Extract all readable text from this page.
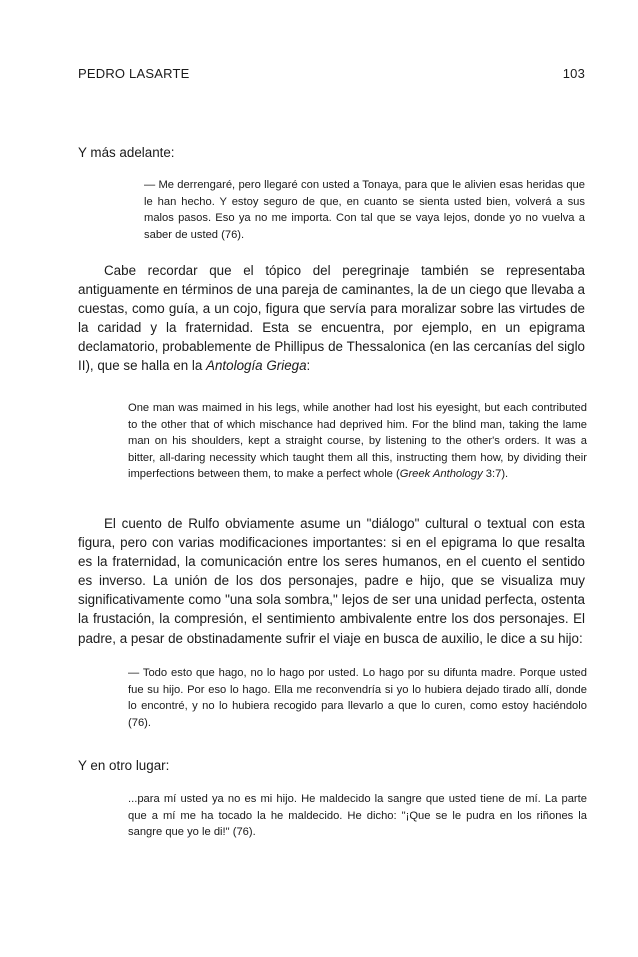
PEDRO LASARTE	103

Y más adelante:

— Me derrengaré, pero llegaré con usted a Tonaya, para que le alivien esas heridas que le han hecho. Y estoy seguro de que, en cuanto se sienta usted bien, volverá a sus malos pasos. Eso ya no me importa. Con tal que se vaya lejos, donde yo no vuelva a saber de usted (76).

Cabe recordar que el tópico del peregrinaje también se representaba antiguamente en términos de una pareja de caminantes, la de un ciego que llevaba a cuestas, como guía, a un cojo, figura que servía para moralizar sobre las virtudes de la caridad y la fraternidad. Esta se encuentra, por ejemplo, en un epigrama declamatorio, probablemente de Phillipus de Thessalonica (en las cercanías del siglo II), que se halla en la Antología Griega:

One man was maimed in his legs, while another had lost his eyesight, but each contributed to the other that of which mischance had deprived him. For the blind man, taking the lame man on his shoulders, kept a straight course, by listening to the other's orders. It was a bitter, all-daring necessity which taught them all this, instructing them how, by dividing their imperfections between them, to make a perfect whole (Greek Anthology 3:7).

El cuento de Rulfo obviamente asume un "diálogo" cultural o textual con esta figura, pero con varias modificaciones importantes: si en el epigrama lo que resalta es la fraternidad, la comunicación entre los seres humanos, en el cuento el sentido es inverso. La unión de los dos personajes, padre e hijo, que se visualiza muy significativamente como "una sola sombra," lejos de ser una unidad perfecta, ostenta la frustación, la compresión, el sentimiento ambivalente entre los dos personajes. El padre, a pesar de obstinadamente sufrir el viaje en busca de auxilio, le dice a su hijo:

— Todo esto que hago, no lo hago por usted. Lo hago por su difunta madre. Porque usted fue su hijo. Por eso lo hago. Ella me reconvendría si yo lo hubiera dejado tirado allí, donde lo encontré, y no lo hubiera recogido para llevarlo a que lo curen, como estoy haciéndolo (76).

Y en otro lugar:

...para mí usted ya no es mi hijo. He maldecido la sangre que usted tiene de mí. La parte que a mí me ha tocado la he maldecido. He dicho: "¡Que se le pudra en los riñones la sangre que yo le di!" (76).
